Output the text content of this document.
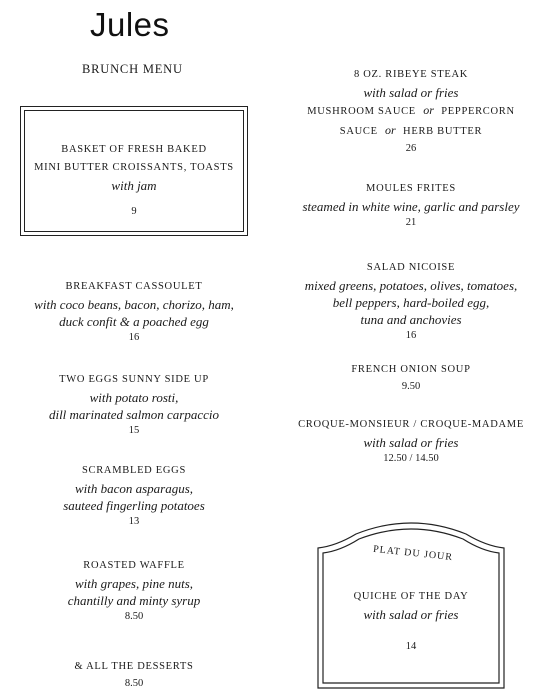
Jules
BRUNCH MENU
BASKET OF FRESH BAKED
MINI BUTTER CROISSANTS, TOASTS
with jam
9
BREAKFAST CASSOULET
with coco beans, bacon, chorizo, ham,
duck confit & a poached egg
16
TWO EGGS SUNNY SIDE UP
with potato rosti,
dill marinated salmon carpaccio
15
SCRAMBLED EGGS
with bacon asparagus,
sauteed fingerling potatoes
13
ROASTED WAFFLE
with grapes, pine nuts,
chantilly and minty syrup
8.50
& ALL THE DESSERTS
8.50
8 OZ. RIBEYE STEAK
with salad or fries
MUSHROOM SAUCE or PEPPERCORN
SAUCE or HERB BUTTER
26
MOULES FRITES
steamed in white wine, garlic and parsley
21
SALAD NICOISE
mixed greens, potatoes, olives, tomatoes,
bell peppers, hard-boiled egg,
tuna and anchovies
16
FRENCH ONION SOUP
9.50
CROQUE-MONSIEUR / CROQUE-MADAME
with salad or fries
12.50 / 14.50
PLAT DU JOUR
QUICHE OF THE DAY
with salad or fries
14
